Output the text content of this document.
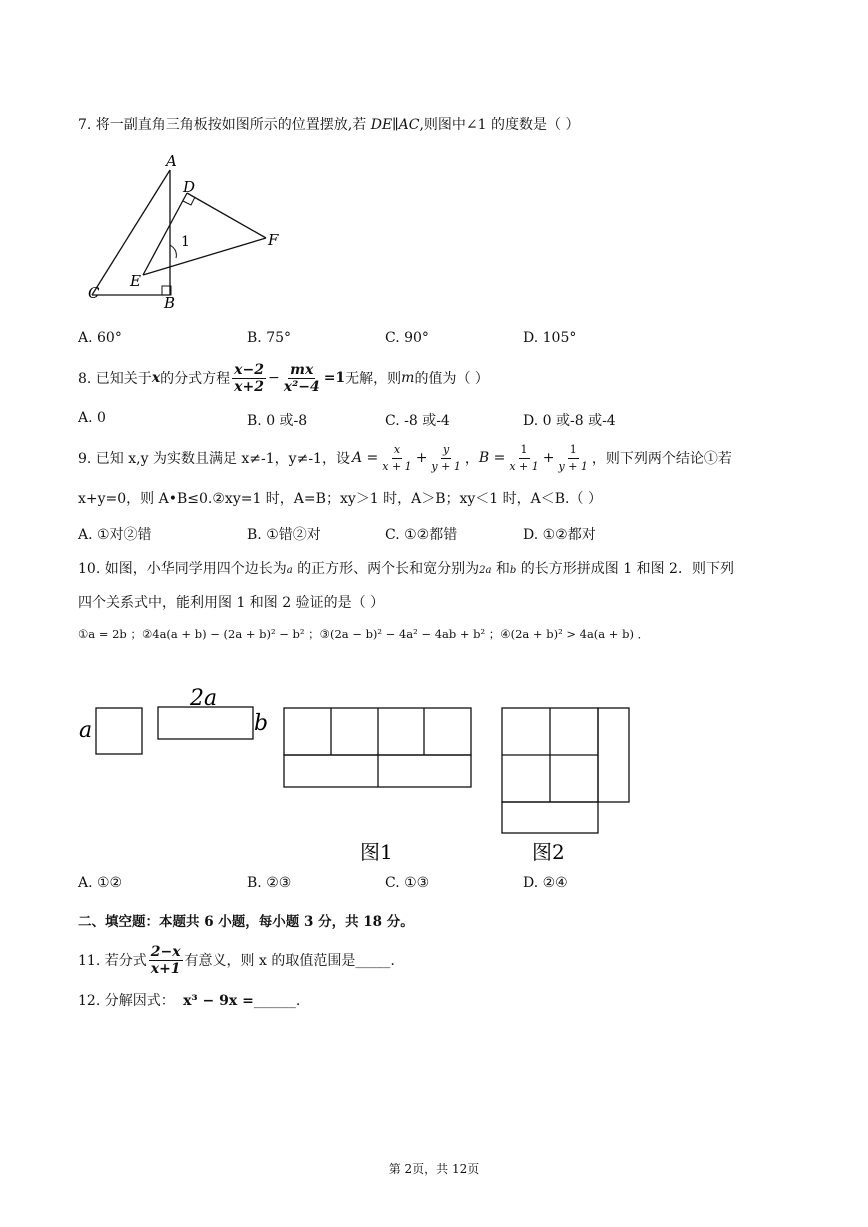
7. 将一副直角三角板按如图所示的位置摆放,若 DE∥AC,则图中∠1 的度数是（ ）
A
B
C
D
E
F
1
A. 60°	B. 75°	C. 90°	D. 105°
8. 已知关于 x 的分式方程 $\frac{x-2}{x+2} - \frac{mx}{\text{x²−4}} =1$ 无解，则 m 的值为（ ）
A. 0	B. 0 或-8	C. -8 或-4	D. 0 或-8 或-4
9. 已知 x,y 为实数且满足 x≠-1，y≠-1，设 $A = \frac{x}{x + 1} + \frac{y}{y + 1}$ ， $B = \frac{1}{x + 1} + \frac{1}{y + 1}$ ，则下列两个结论①若
x+y=0，则 A•B≤0.②xy=1 时，A=B；xy＞1 时，A＞B；xy＜1 时，A＜B.（ ）
A. ①对②错	B. ①错②对	C. ①②都错	D. ①②都对
10. 如图，小华同学用四个边长为a 的正方形、两个长和宽分别为2a 和b 的长方形拼成图 1 和图 2．则下列
四个关系式中，能利用图 1 和图 2 验证的是（ ）
①a = 2b ；②4a(a + b) − (2a + b)² − b² ；③(2a − b)² − 4a² − 4ab + b² ；④(2a + b)² > 4a(a + b) ．
a
2a
b
图1	图2
A. ①②	B. ②③	C. ①③	D. ②④
二、填空题：本题共 6 小题，每小题 3 分，共 18 分。
11. 若分式 $\frac{2-x}{x+1}$ 有意义，则 x 的取值范围是_____.
12. 分解因式： x³ − 9x =______.
第 2页，共 12页
